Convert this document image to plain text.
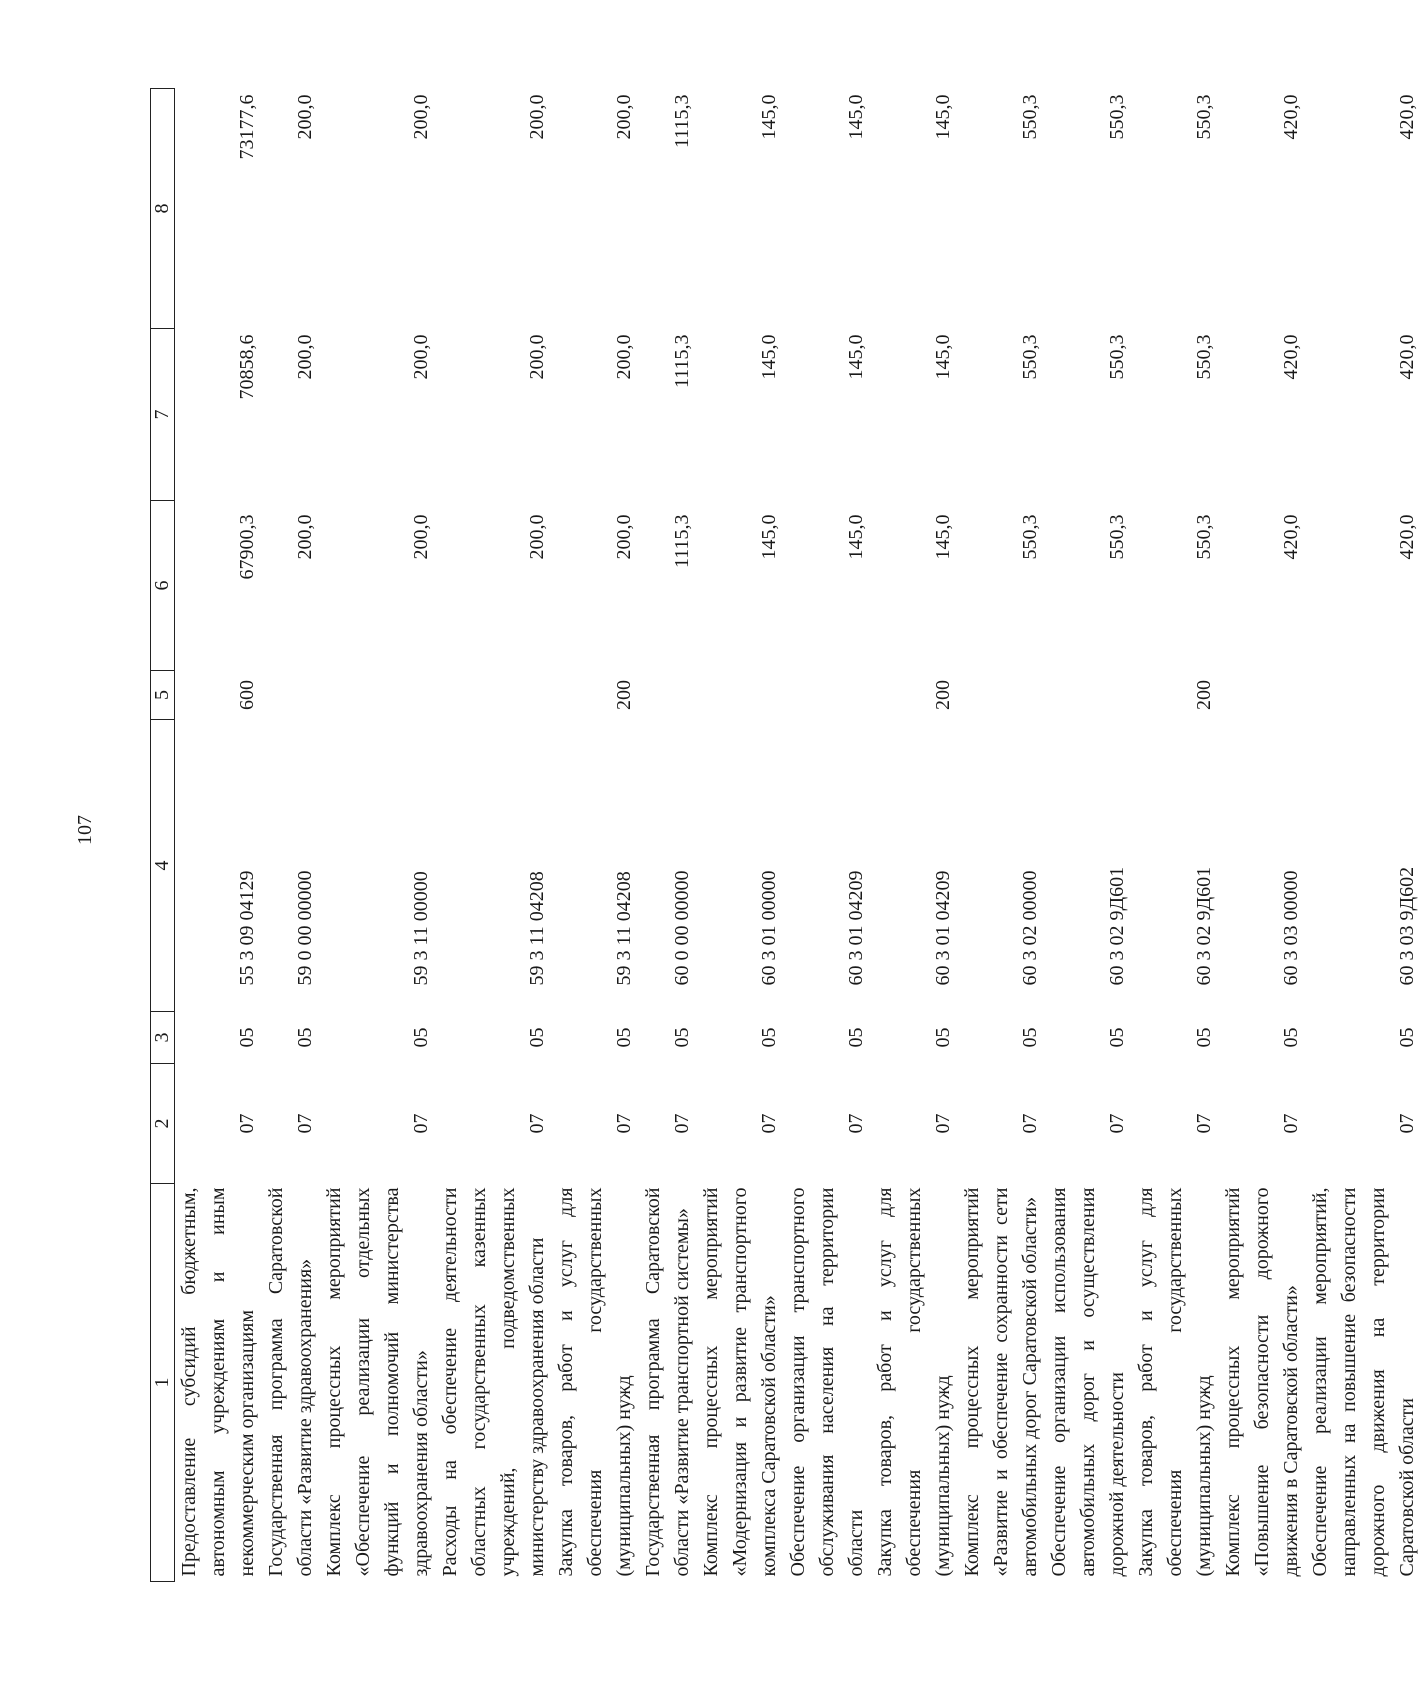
107
1	2	3	4	5	6	7	8
Предоставление субсидий бюджетным, автономным учреждениям и иным некоммерческим организациям	07	05	55 3 09 04129	600	67900,3	70858,6	73177,6
Государственная программа Саратовской области «Развитие здравоохранения»	07	05	59 0 00 00000		200,0	200,0	200,0
Комплекс процессных мероприятий «Обеспечение реализации отдельных функций и полномочий министерства здравоохранения области»	07	05	59 3 11 00000		200,0	200,0	200,0
Расходы на обеспечение деятельности областных государственных казенных учреждений, подведомственных министерству здравоохранения области	07	05	59 3 11 04208		200,0	200,0	200,0
Закупка товаров, работ и услуг для обеспечения государственных (муниципальных) нужд	07	05	59 3 11 04208	200	200,0	200,0	200,0
Государственная программа Саратовской области «Развитие транспортной системы»	07	05	60 0 00 00000		1115,3	1115,3	1115,3
Комплекс процессных мероприятий «Модернизация и развитие транспортного комплекса Саратовской области»	07	05	60 3 01 00000		145,0	145,0	145,0
Обеспечение организации транспортного обслуживания населения на территории области	07	05	60 3 01 04209		145,0	145,0	145,0
Закупка товаров, работ и услуг для обеспечения государственных (муниципальных) нужд	07	05	60 3 01 04209	200	145,0	145,0	145,0
Комплекс процессных мероприятий «Развитие и обеспечение сохранности сети автомобильных дорог Саратовской области»	07	05	60 3 02 00000		550,3	550,3	550,3
Обеспечение организации использования автомобильных дорог и осуществления дорожной деятельности	07	05	60 3 02 9Д601		550,3	550,3	550,3
Закупка товаров, работ и услуг для обеспечения государственных (муниципальных) нужд	07	05	60 3 02 9Д601	200	550,3	550,3	550,3
Комплекс процессных мероприятий «Повышение безопасности дорожного движения в Саратовской области»	07	05	60 3 03 00000		420,0	420,0	420,0
Обеспечение реализации мероприятий, направленных на повышение безопасности дорожного движения на территории Саратовской области	07	05	60 3 03 9Д602		420,0	420,0	420,0
